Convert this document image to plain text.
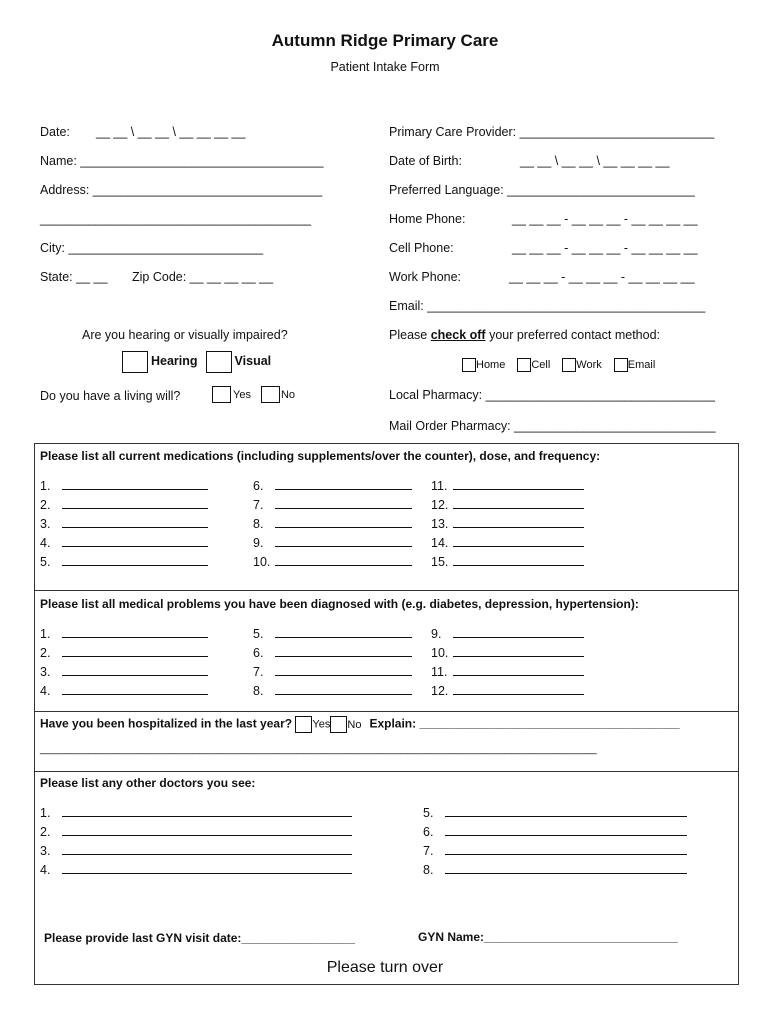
Autumn Ridge Primary Care
Patient Intake Form
Date: __ __ \ __ __ \ __ __ __ __
Name: ___________________________________
Address: _________________________________
_______________________________________
City: ____________________________
State: __ __ Zip Code: __ __ __ __ __
Primary Care Provider: ____________________________
Date of Birth:	__ __ \ __ __ \ __ __ __ __
Preferred Language: ___________________________
Home Phone:	__ __ __ - __ __ __ - __ __ __ __
Cell Phone:	__ __ __ - __ __ __ - __ __ __ __
Work Phone:	__ __ __ - __ __ __ - __ __ __ __
Email: ________________________________________
Are you hearing or visually impaired?
Hearing	Visual
Do you have a living will?	Yes	No
Please check off your preferred contact method:
Home Cell Work Email
Local Pharmacy: _________________________________
Mail Order Pharmacy: _____________________________
Please list all current medications (including supplements/over the counter), dose, and frequency:
1.
2.
3.
4.
5.
6.
7.
8.
9.
10.
11.
12.
13.
14.
15.
Please list all medical problems you have been diagnosed with (e.g. diabetes, depression, hypertension):
1.
2.
3.
4.
5.
6.
7.
8.
9.
10.
11.
12.
Have you been hospitalized in the last year? Yes No Explain: _______________________________________
___________________________________________________________________________________________
Please list any other doctors you see:
1.
2.
3.
4.
5.
6.
7.
8.
Please provide last GYN visit date:_________________	GYN Name:_____________________________
Please turn over
